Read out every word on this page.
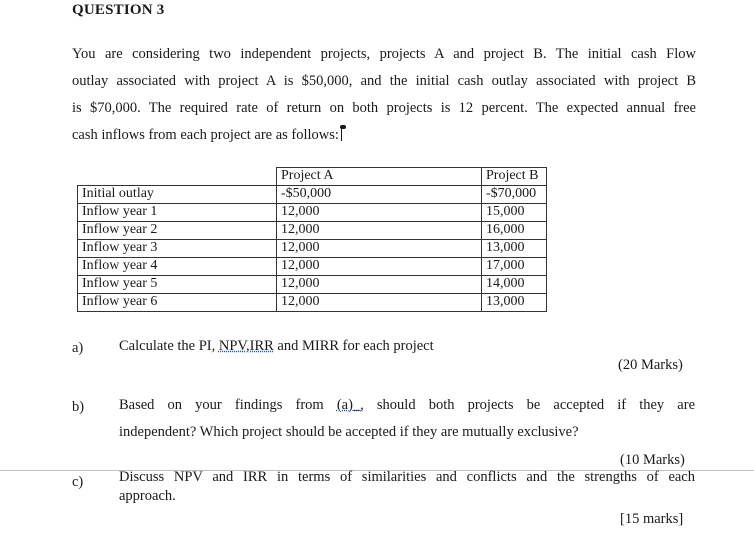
QUESTION 3
You are considering two independent projects, projects A and project B. The initial cash Flow
outlay associated with project A is $50,000, and the initial cash outlay associated with project B
is $70,000. The required rate of return on both projects is 12 percent. The expected annual free
cash inflows from each project are as follows:
	Project A	Project B
Initial outlay	-$50,000	-$70,000
Inflow year 1	12,000	15,000
Inflow year 2	12,000	16,000
Inflow year 3	12,000	13,000
Inflow year 4	12,000	17,000
Inflow year 5	12,000	14,000
Inflow year 6	12,000	13,000
a) Calculate the PI, NPV,IRR and MIRR for each project
(20 Marks)
b) Based on your findings from (a)_, should both projects be accepted if they are
independent? Which project should be accepted if they are mutually exclusive?
(10 Marks)
c) Discuss NPV and IRR in terms of similarities and conflicts and the strengths of each
approach.
[15 marks]
